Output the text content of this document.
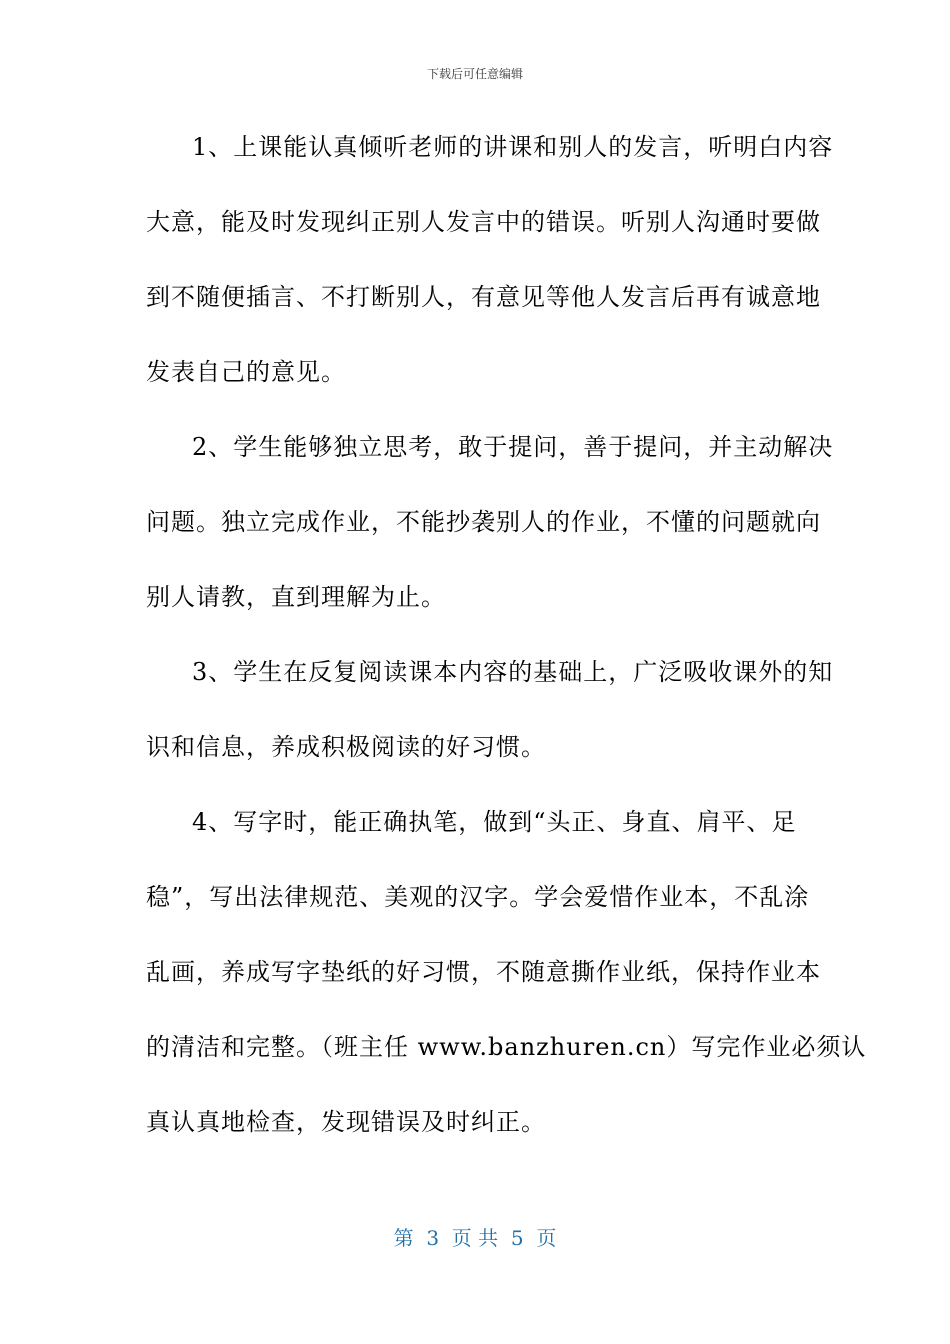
下载后可任意编辑
1、上课能认真倾听老师的讲课和别人的发言，听明白内容
大意，能及时发现纠正别人发言中的错误。听别人沟通时要做
到不随便插言、不打断别人，有意见等他人发言后再有诚意地
发表自己的意见。
2、学生能够独立思考，敢于提问，善于提问，并主动解决
问题。独立完成作业，不能抄袭别人的作业，不懂的问题就向
别人请教，直到理解为止。
3、学生在反复阅读课本内容的基础上，广泛吸收课外的知
识和信息，养成积极阅读的好习惯。
4、写字时，能正确执笔，做到“头正、身直、肩平、足
稳”，写出法律规范、美观的汉字。学会爱惜作业本，不乱涂
乱画，养成写字垫纸的好习惯，不随意撕作业纸，保持作业本
的清洁和完整。（班主任 www.banzhuren.cn）写完作业必须认
真认真地检查，发现错误及时纠正。
第  3  页 共  5  页
